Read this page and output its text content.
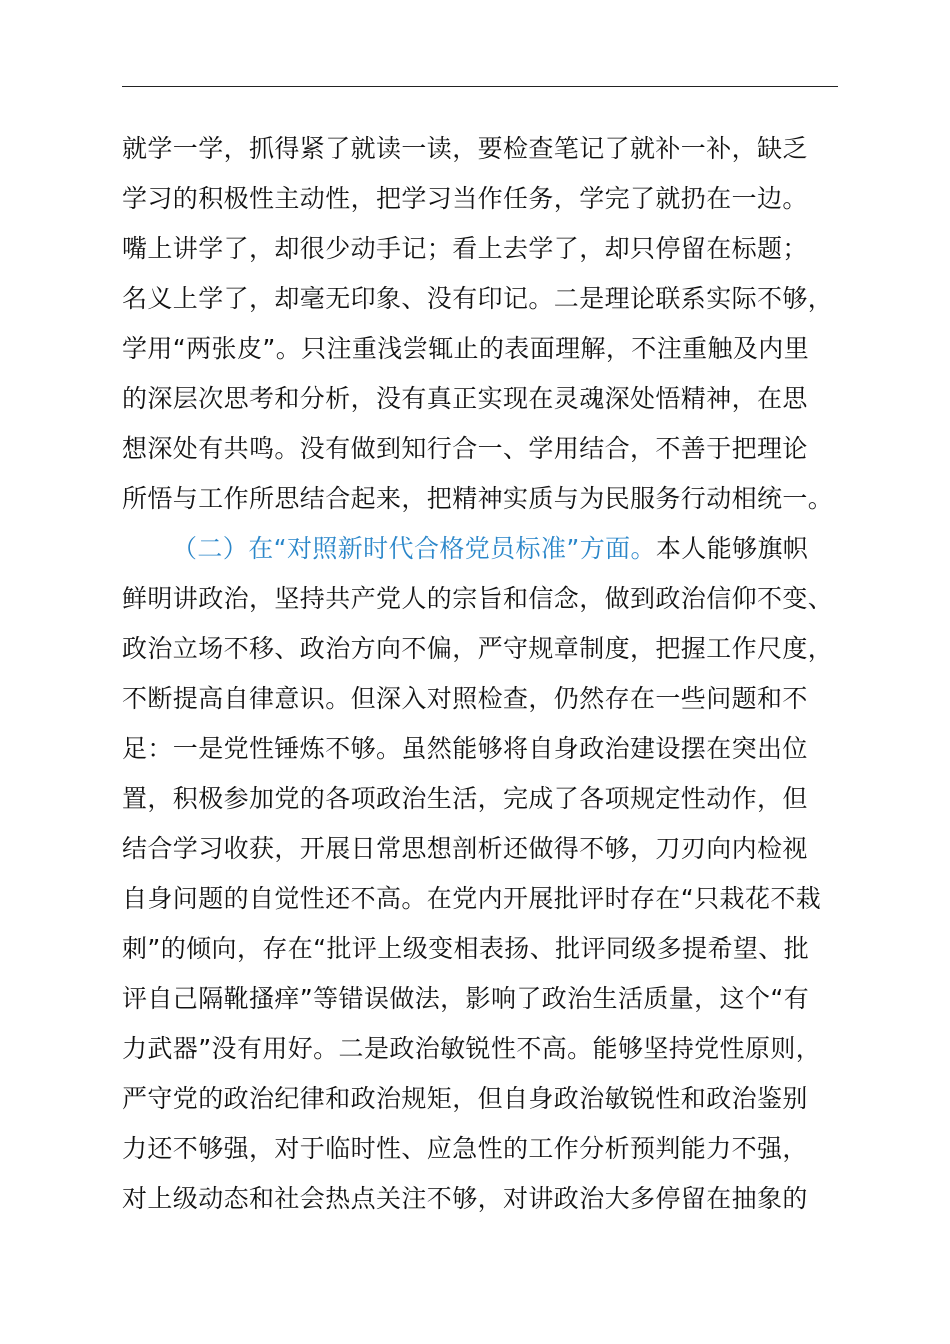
就学一学，抓得紧了就读一读，要检查笔记了就补一补，缺乏
学习的积极性主动性，把学习当作任务，学完了就扔在一边。
嘴上讲学了，却很少动手记；看上去学了，却只停留在标题；
名义上学了，却毫无印象、没有印记。二是理论联系实际不够，
学用“两张皮”。只注重浅尝辄止的表面理解，不注重触及内里
的深层次思考和分析，没有真正实现在灵魂深处悟精神，在思
想深处有共鸣。没有做到知行合一、学用结合，不善于把理论
所悟与工作所思结合起来，把精神实质与为民服务行动相统一。
（二）在“对照新时代合格党员标准”方面。本人能够旗帜
鲜明讲政治，坚持共产党人的宗旨和信念，做到政治信仰不变、
政治立场不移、政治方向不偏，严守规章制度，把握工作尺度，
不断提高自律意识。但深入对照检查，仍然存在一些问题和不
足：一是党性锤炼不够。虽然能够将自身政治建设摆在突出位
置，积极参加党的各项政治生活，完成了各项规定性动作，但
结合学习收获，开展日常思想剖析还做得不够，刀刃向内检视
自身问题的自觉性还不高。在党内开展批评时存在“只栽花不栽
刺”的倾向，存在“批评上级变相表扬、批评同级多提希望、批
评自己隔靴搔痒”等错误做法，影响了政治生活质量，这个“有
力武器”没有用好。二是政治敏锐性不高。能够坚持党性原则，
严守党的政治纪律和政治规矩，但自身政治敏锐性和政治鉴别
力还不够强，对于临时性、应急性的工作分析预判能力不强，
对上级动态和社会热点关注不够，对讲政治大多停留在抽象的
